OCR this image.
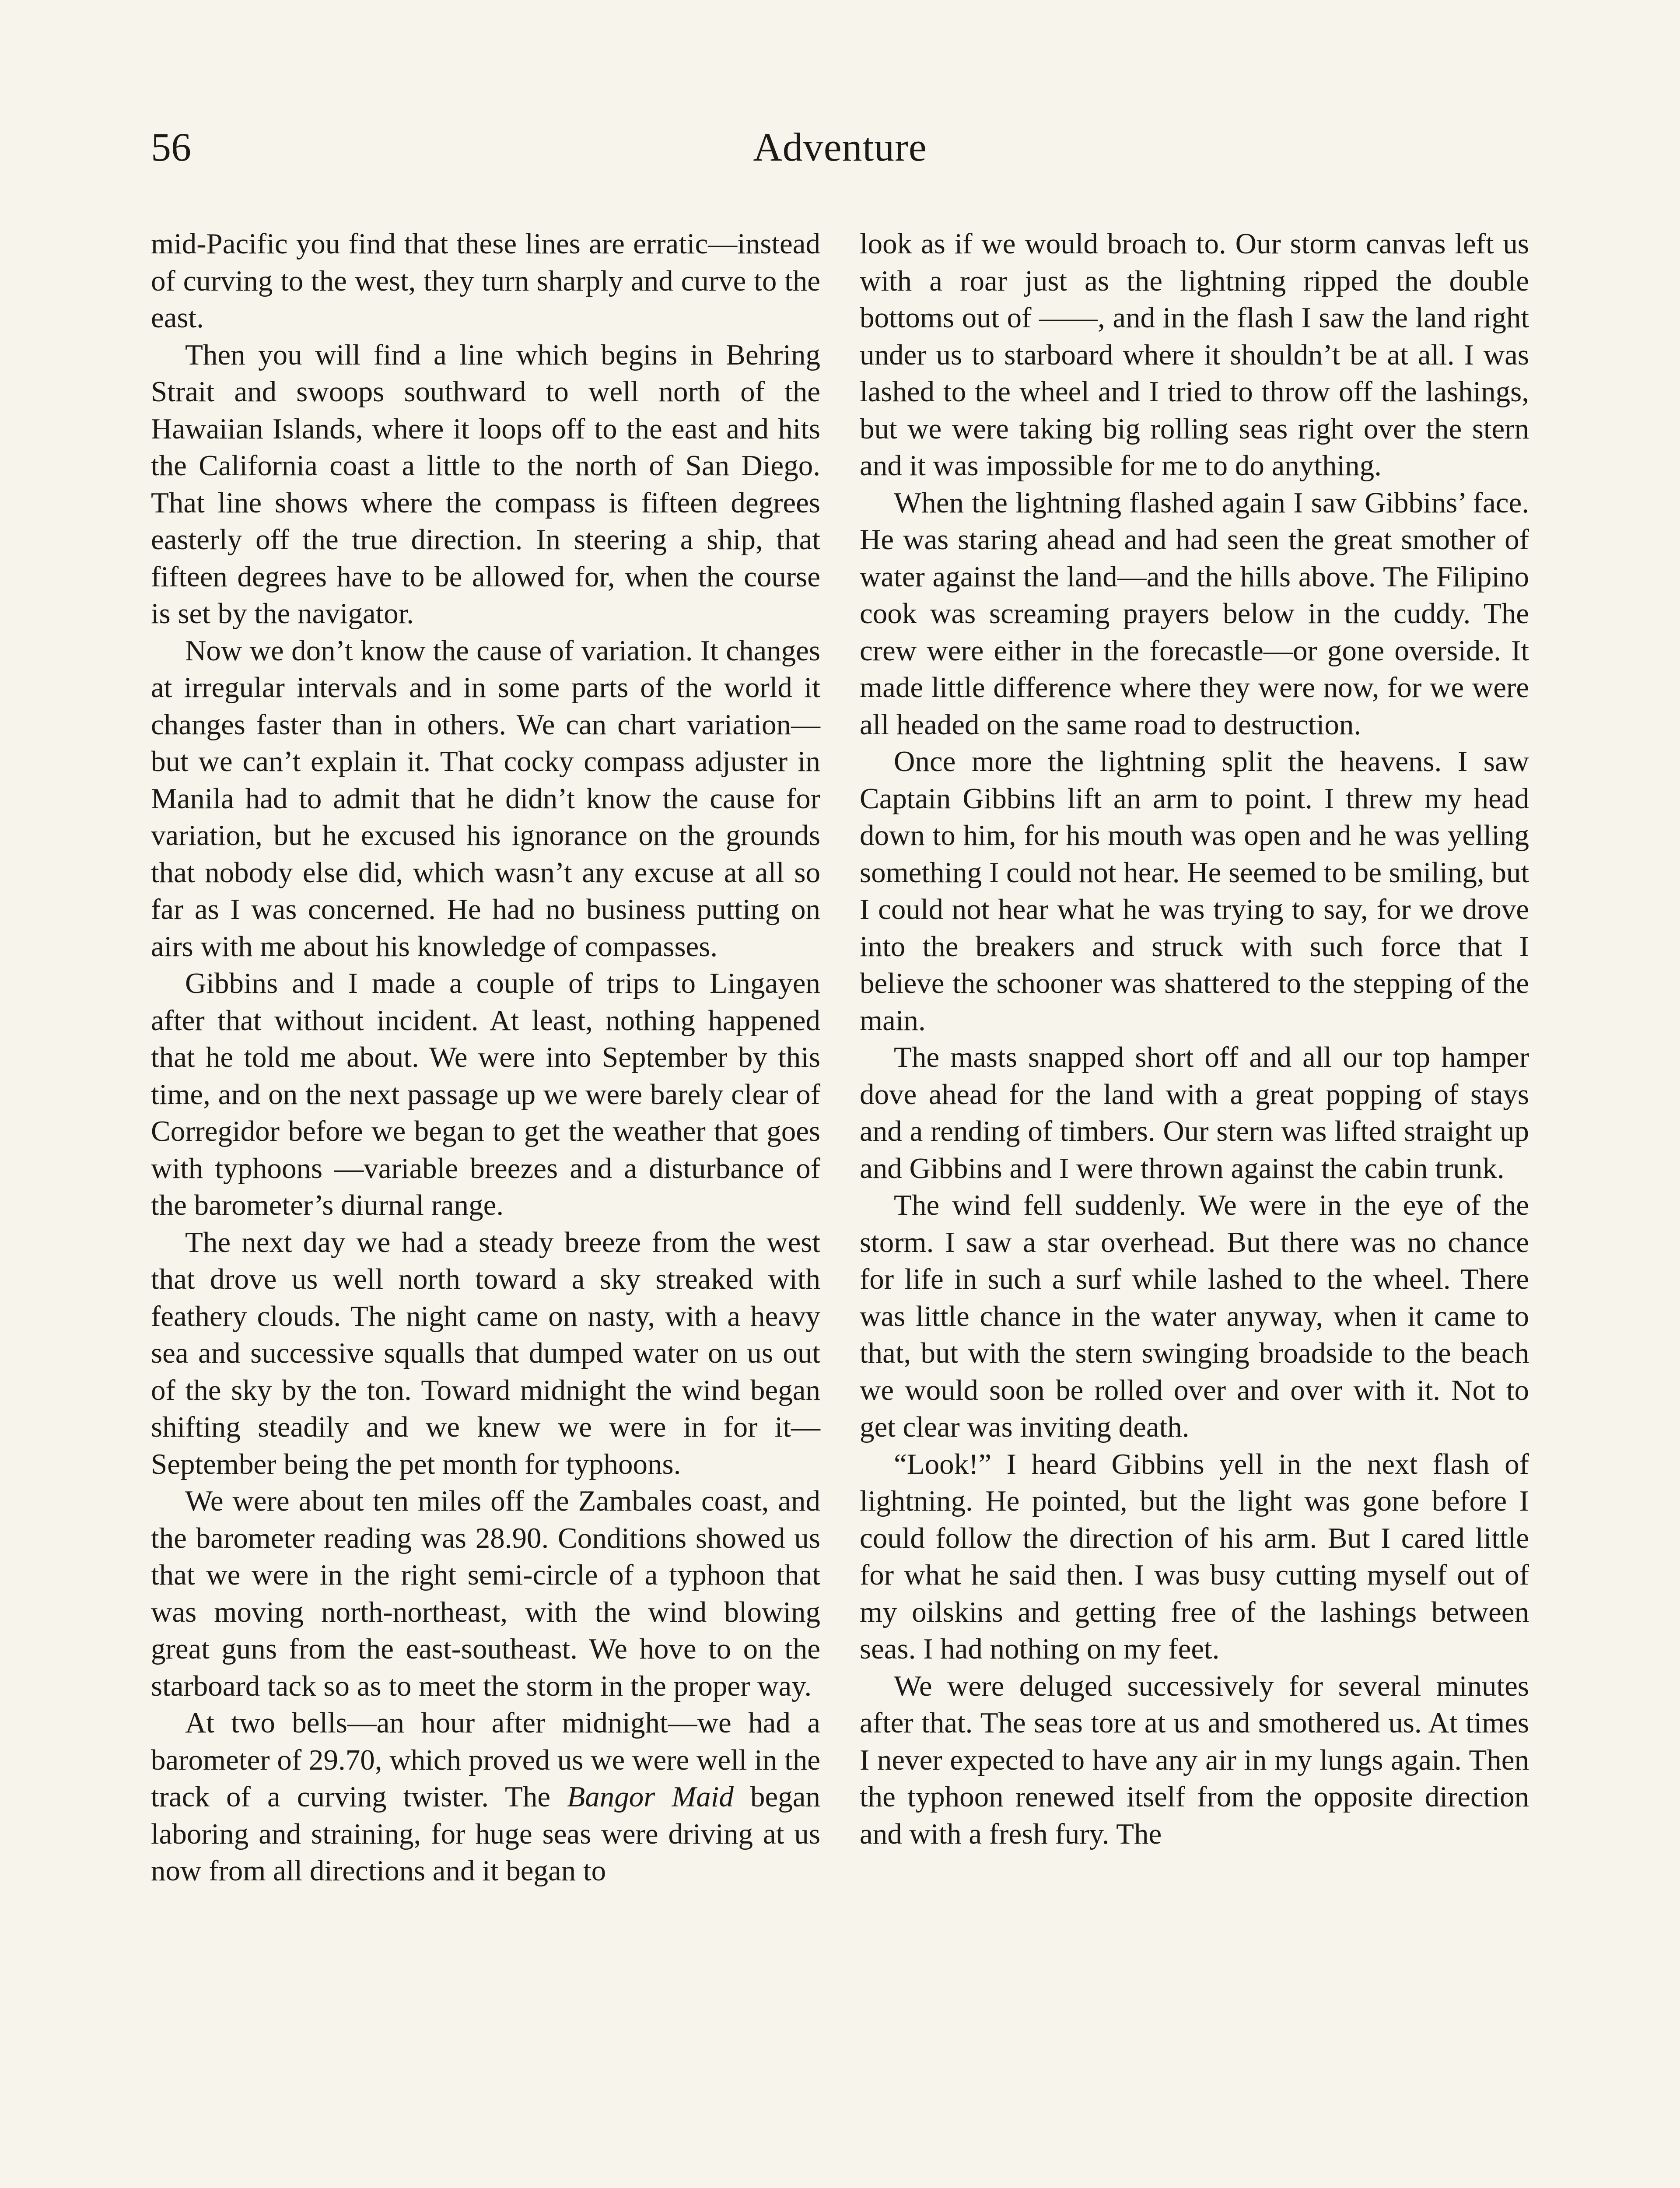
56	Adventure

mid-Pacific you find that these lines are erratic—instead of curving to the west, they turn sharply and curve to the east.

Then you will find a line which begins in Behring Strait and swoops southward to well north of the Hawaiian Islands, where it loops off to the east and hits the California coast a little to the north of San Diego. That line shows where the compass is fifteen degrees easterly off the true direction. In steering a ship, that fifteen degrees have to be allowed for, when the course is set by the navigator.

Now we don’t know the cause of variation. It changes at irregular intervals and in some parts of the world it changes faster than in others. We can chart variation—but we can’t explain it. That cocky compass adjuster in Manila had to admit that he didn’t know the cause for variation, but he excused his ignorance on the grounds that nobody else did, which wasn’t any excuse at all so far as I was concerned. He had no business putting on airs with me about his knowledge of compasses.

Gibbins and I made a couple of trips to Lingayen after that without incident. At least, nothing happened that he told me about. We were into September by this time, and on the next passage up we were barely clear of Corregidor before we began to get the weather that goes with typhoons —variable breezes and a disturbance of the barometer’s diurnal range.

The next day we had a steady breeze from the west that drove us well north toward a sky streaked with feathery clouds. The night came on nasty, with a heavy sea and successive squalls that dumped water on us out of the sky by the ton. Toward midnight the wind began shifting steadily and we knew we were in for it—September being the pet month for typhoons.

We were about ten miles off the Zambales coast, and the barometer reading was 28.90. Conditions showed us that we were in the right semi-circle of a typhoon that was moving north-northeast, with the wind blowing great guns from the east-southeast. We hove to on the starboard tack so as to meet the storm in the proper way.

At two bells—an hour after midnight—we had a barometer of 29.70, which proved us we were well in the track of a curving twister. The Bangor Maid began laboring and straining, for huge seas were driving at us now from all directions and it began to

look as if we would broach to. Our storm canvas left us with a roar just as the lightning ripped the double bottoms out of ——, and in the flash I saw the land right under us to starboard where it shouldn’t be at all. I was lashed to the wheel and I tried to throw off the lashings, but we were taking big rolling seas right over the stern and it was impossible for me to do anything.

When the lightning flashed again I saw Gibbins’ face. He was staring ahead and had seen the great smother of water against the land—and the hills above. The Filipino cook was screaming prayers below in the cuddy. The crew were either in the forecastle—or gone overside. It made little difference where they were now, for we were all headed on the same road to destruction.

Once more the lightning split the heavens. I saw Captain Gibbins lift an arm to point. I threw my head down to him, for his mouth was open and he was yelling something I could not hear. He seemed to be smiling, but I could not hear what he was trying to say, for we drove into the breakers and struck with such force that I believe the schooner was shattered to the stepping of the main.

The masts snapped short off and all our top hamper dove ahead for the land with a great popping of stays and a rending of timbers. Our stern was lifted straight up and Gibbins and I were thrown against the cabin trunk.

The wind fell suddenly. We were in the eye of the storm. I saw a star overhead. But there was no chance for life in such a surf while lashed to the wheel. There was little chance in the water anyway, when it came to that, but with the stern swinging broadside to the beach we would soon be rolled over and over with it. Not to get clear was inviting death.

“Look!” I heard Gibbins yell in the next flash of lightning. He pointed, but the light was gone before I could follow the direction of his arm. But I cared little for what he said then. I was busy cutting myself out of my oilskins and getting free of the lashings between seas. I had nothing on my feet.

We were deluged successively for several minutes after that. The seas tore at us and smothered us. At times I never expected to have any air in my lungs again. Then the typhoon renewed itself from the opposite direction and with a fresh fury. The
